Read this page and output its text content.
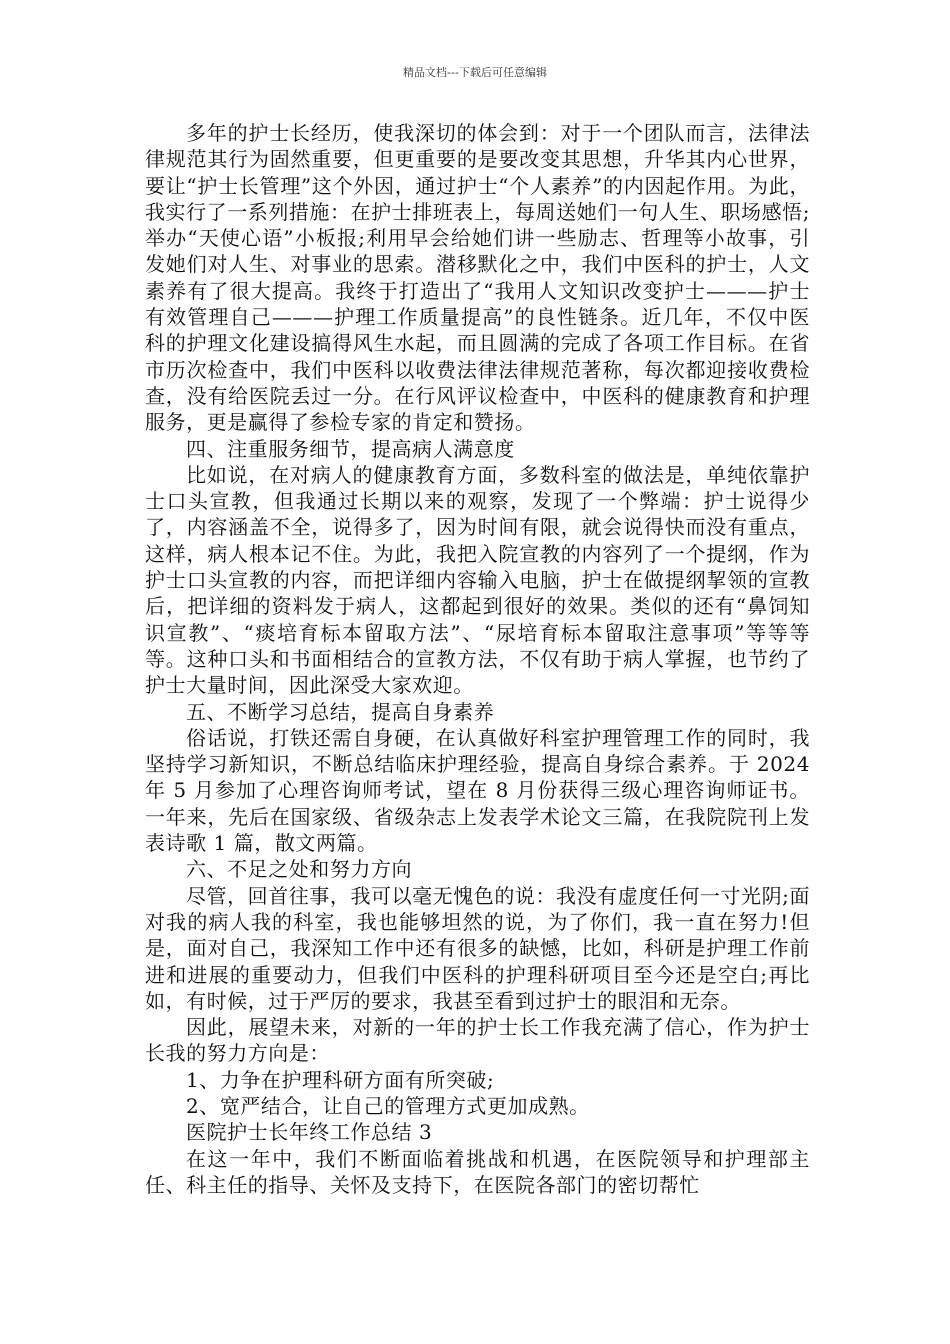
精品文档---下载后可任意编辑

多年的护士长经历，使我深切的体会到：对于一个团队而言，法律法律规范其行为固然重要，但更重要的是要改变其思想，升华其内心世界，要让“护士长管理”这个外因，通过护士“个人素养”的内因起作用。为此，我实行了一系列措施：在护士排班表上，每周送她们一句人生、职场感悟;举办“天使心语”小板报;利用早会给她们讲一些励志、哲理等小故事，引发她们对人生、对事业的思索。潜移默化之中，我们中医科的护士，人文素养有了很大提高。我终于打造出了“我用人文知识改变护士———护士有效管理自己———护理工作质量提高”的良性链条。近几年，不仅中医科的护理文化建设搞得风生水起，而且圆满的完成了各项工作目标。在省市历次检查中，我们中医科以收费法律法律规范著称，每次都迎接收费检查，没有给医院丢过一分。在行风评议检查中，中医科的健康教育和护理服务，更是赢得了参检专家的肯定和赞扬。

四、注重服务细节，提高病人满意度

比如说，在对病人的健康教育方面，多数科室的做法是，单纯依靠护士口头宣教，但我通过长期以来的观察，发现了一个弊端：护士说得少了，内容涵盖不全，说得多了，因为时间有限，就会说得快而没有重点，这样，病人根本记不住。为此，我把入院宣教的内容列了一个提纲，作为护士口头宣教的内容，而把详细内容输入电脑，护士在做提纲挈领的宣教后，把详细的资料发于病人，这都起到很好的效果。类似的还有“鼻饲知识宣教”、“痰培育标本留取方法”、“尿培育标本留取注意事项”等等等等。这种口头和书面相结合的宣教方法，不仅有助于病人掌握，也节约了护士大量时间，因此深受大家欢迎。

五、不断学习总结，提高自身素养

俗话说，打铁还需自身硬，在认真做好科室护理管理工作的同时，我坚持学习新知识，不断总结临床护理经验，提高自身综合素养。于 2024 年 5 月参加了心理咨询师考试，望在 8 月份获得三级心理咨询师证书。一年来，先后在国家级、省级杂志上发表学术论文三篇，在我院院刊上发表诗歌 1 篇，散文两篇。

六、不足之处和努力方向

尽管，回首往事，我可以毫无愧色的说：我没有虚度任何一寸光阴;面对我的病人我的科室，我也能够坦然的说，为了你们，我一直在努力!但是，面对自己，我深知工作中还有很多的缺憾，比如，科研是护理工作前进和进展的重要动力，但我们中医科的护理科研项目至今还是空白;再比如，有时候，过于严厉的要求，我甚至看到过护士的眼泪和无奈。

因此，展望未来，对新的一年的护士长工作我充满了信心，作为护士长我的努力方向是：

1、力争在护理科研方面有所突破;

2、宽严结合，让自己的管理方式更加成熟。

医院护士长年终工作总结 3

在这一年中，我们不断面临着挑战和机遇，在医院领导和护理部主任、科主任的指导、关怀及支持下，在医院各部门的密切帮忙
